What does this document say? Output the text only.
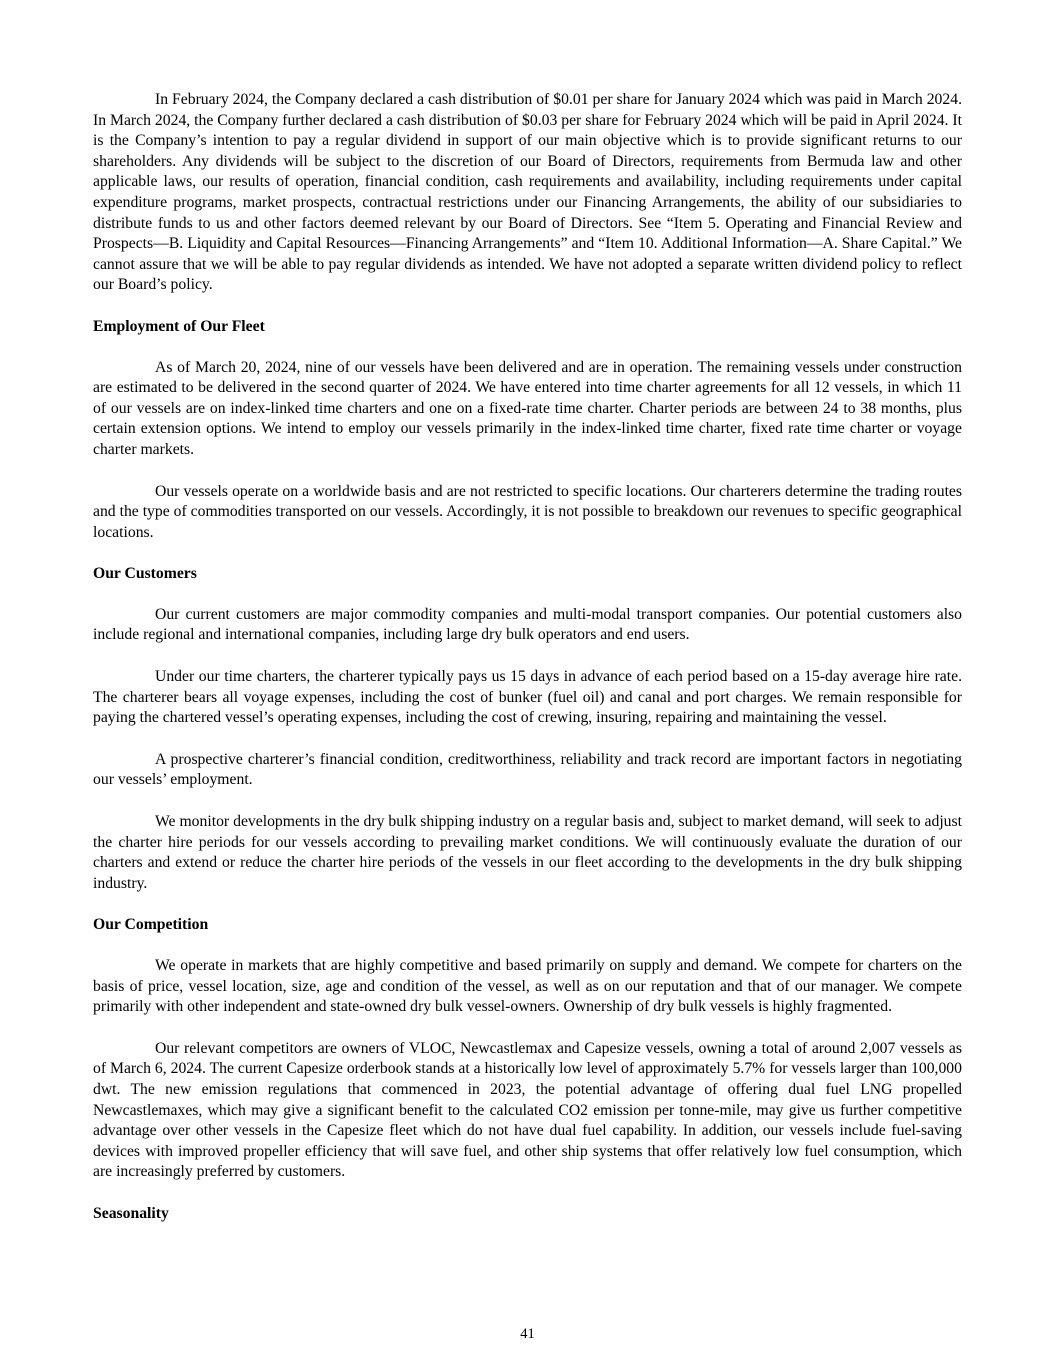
In February 2024, the Company declared a cash distribution of $0.01 per share for January 2024 which was paid in March 2024. In March 2024, the Company further declared a cash distribution of $0.03 per share for February 2024 which will be paid in April 2024. It is the Company’s intention to pay a regular dividend in support of our main objective which is to provide significant returns to our shareholders. Any dividends will be subject to the discretion of our Board of Directors, requirements from Bermuda law and other applicable laws, our results of operation, financial condition, cash requirements and availability, including requirements under capital expenditure programs, market prospects, contractual restrictions under our Financing Arrangements, the ability of our subsidiaries to distribute funds to us and other factors deemed relevant by our Board of Directors. See “Item 5. Operating and Financial Review and Prospects—B. Liquidity and Capital Resources—Financing Arrangements” and “Item 10. Additional Information—A. Share Capital.” We cannot assure that we will be able to pay regular dividends as intended. We have not adopted a separate written dividend policy to reflect our Board’s policy.

Employment of Our Fleet

As of March 20, 2024, nine of our vessels have been delivered and are in operation. The remaining vessels under construction are estimated to be delivered in the second quarter of 2024. We have entered into time charter agreements for all 12 vessels, in which 11 of our vessels are on index-linked time charters and one on a fixed-rate time charter. Charter periods are between 24 to 38 months, plus certain extension options. We intend to employ our vessels primarily in the index-linked time charter, fixed rate time charter or voyage charter markets.

Our vessels operate on a worldwide basis and are not restricted to specific locations. Our charterers determine the trading routes and the type of commodities transported on our vessels. Accordingly, it is not possible to breakdown our revenues to specific geographical locations.

Our Customers

Our current customers are major commodity companies and multi-modal transport companies. Our potential customers also include regional and international companies, including large dry bulk operators and end users.

Under our time charters, the charterer typically pays us 15 days in advance of each period based on a 15-day average hire rate. The charterer bears all voyage expenses, including the cost of bunker (fuel oil) and canal and port charges. We remain responsible for paying the chartered vessel’s operating expenses, including the cost of crewing, insuring, repairing and maintaining the vessel.

A prospective charterer’s financial condition, creditworthiness, reliability and track record are important factors in negotiating our vessels’ employment.

We monitor developments in the dry bulk shipping industry on a regular basis and, subject to market demand, will seek to adjust the charter hire periods for our vessels according to prevailing market conditions. We will continuously evaluate the duration of our charters and extend or reduce the charter hire periods of the vessels in our fleet according to the developments in the dry bulk shipping industry.

Our Competition

We operate in markets that are highly competitive and based primarily on supply and demand. We compete for charters on the basis of price, vessel location, size, age and condition of the vessel, as well as on our reputation and that of our manager. We compete primarily with other independent and state-owned dry bulk vessel-owners. Ownership of dry bulk vessels is highly fragmented.

Our relevant competitors are owners of VLOC, Newcastlemax and Capesize vessels, owning a total of around 2,007 vessels as of March 6, 2024. The current Capesize orderbook stands at a historically low level of approximately 5.7% for vessels larger than 100,000 dwt. The new emission regulations that commenced in 2023, the potential advantage of offering dual fuel LNG propelled Newcastlemaxes, which may give a significant benefit to the calculated CO2 emission per tonne-mile, may give us further competitive advantage over other vessels in the Capesize fleet which do not have dual fuel capability. In addition, our vessels include fuel-saving devices with improved propeller efficiency that will save fuel, and other ship systems that offer relatively low fuel consumption, which are increasingly preferred by customers.

Seasonality
41
